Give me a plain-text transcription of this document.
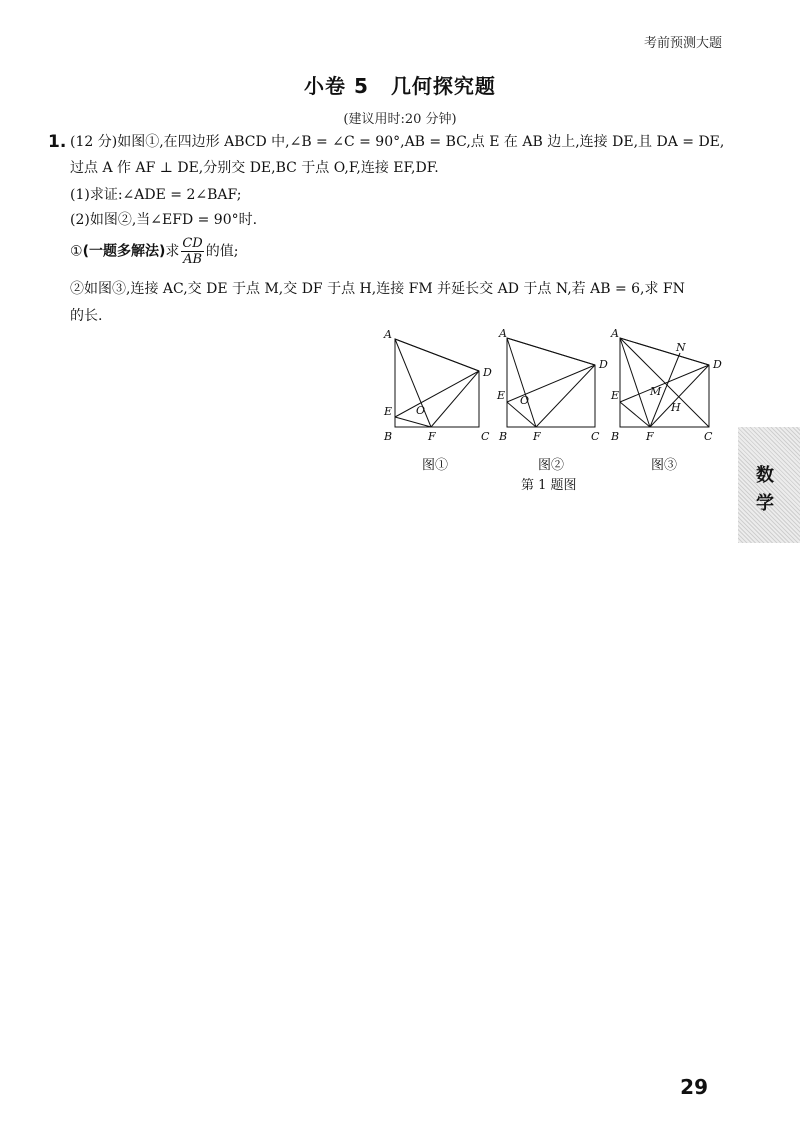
考前预测大题
小卷 5 几何探究题
(建议用时:20 分钟)
1. (12 分)如图①,在四边形 ABCD 中,∠B = ∠C = 90°,AB = BC,点 E 在 AB 边上,连接 DE,且 DA = DE,
过点 A 作 AF ⊥ DE,分别交 DE,BC 于点 O,F,连接 EF,DF.
(1)求证:∠ADE = 2∠BAF;
(2)如图②,当∠EFD = 90°时.
①(一题多解法)求 $\frac{CD}{AB}$ 的值;
②如图③,连接 AC,交 DE 于点 M,交 DF 于点 H,连接 FM 并延长交 AD 于点 N,若 AB = 6,求 FN
的长.
A
B	C
D
E
F
O
A
B	C
D
E
F
O
A
B	C
D
E
F
N
M
H
图①	图②	图③
第 1 题图	数
学
29
